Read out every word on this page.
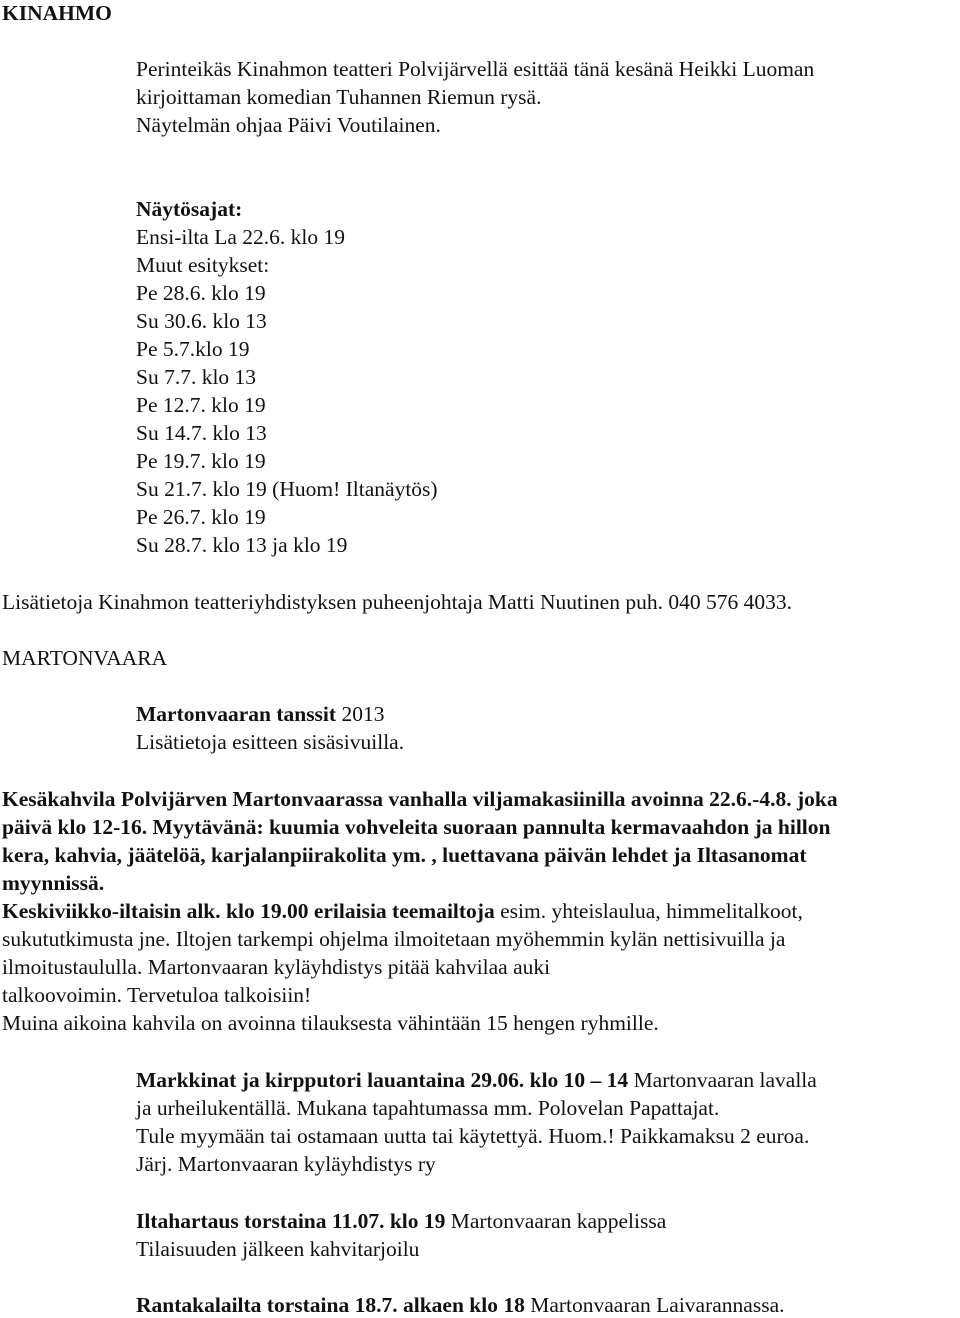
KINAHMO
Perinteikäs Kinahmon teatteri Polvijärvellä esittää tänä kesänä Heikki Luoman
kirjoittaman komedian Tuhannen Riemun rysä.
Näytelmän ohjaa Päivi Voutilainen.
Näytösajat:
Ensi-ilta La 22.6. klo 19
Muut esitykset:
Pe 28.6. klo 19
Su 30.6. klo 13
Pe 5.7.klo 19
Su 7.7. klo 13
Pe 12.7. klo 19
Su 14.7. klo 13
Pe 19.7. klo 19
Su 21.7. klo 19 (Huom! Iltanäytös)
Pe 26.7. klo 19
Su 28.7. klo 13 ja klo 19
Lisätietoja Kinahmon teatteriyhdistyksen puheenjohtaja Matti Nuutinen puh. 040 576 4033.
MARTONVAARA
Martonvaaran tanssit 2013
Lisätietoja esitteen sisäsivuilla.
Kesäkahvila Polvijärven Martonvaarassa vanhalla viljamakasiinilla avoinna 22.6.-4.8. joka
päivä klo 12-16. Myytävänä: kuumia vohveleita suoraan pannulta kermavaahdon ja hillon
kera, kahvia, jäätelöä, karjalanpiirakolita ym. , luettavana päivän lehdet ja Iltasanomat
myynnissä.
Keskiviikko-iltaisin alk. klo 19.00 erilaisia teemailtoja esim. yhteislaulua, himmelitalkoot,
sukututkimusta jne. Iltojen tarkempi ohjelma ilmoitetaan myöhemmin kylän nettisivuilla ja
ilmoitustaululla. Martonvaaran kyläyhdistys pitää kahvilaa auki
talkoovoimin. Tervetuloa talkoisiin!
Muina aikoina kahvila on avoinna tilauksesta vähintään 15 hengen ryhmille.
Markkinat ja kirpputori lauantaina 29.06. klo 10 – 14 Martonvaaran lavalla
ja urheilukentällä. Mukana tapahtumassa mm. Polovelan Papattajat.
Tule myymään tai ostamaan uutta tai käytettyä. Huom.! Paikkamaksu 2 euroa.
Järj. Martonvaaran kyläyhdistys ry
Iltahartaus torstaina 11.07. klo 19 Martonvaaran kappelissa
Tilaisuuden jälkeen kahvitarjoilu
Rantakalailta torstaina 18.7. alkaen klo 18 Martonvaaran Laivarannassa.
